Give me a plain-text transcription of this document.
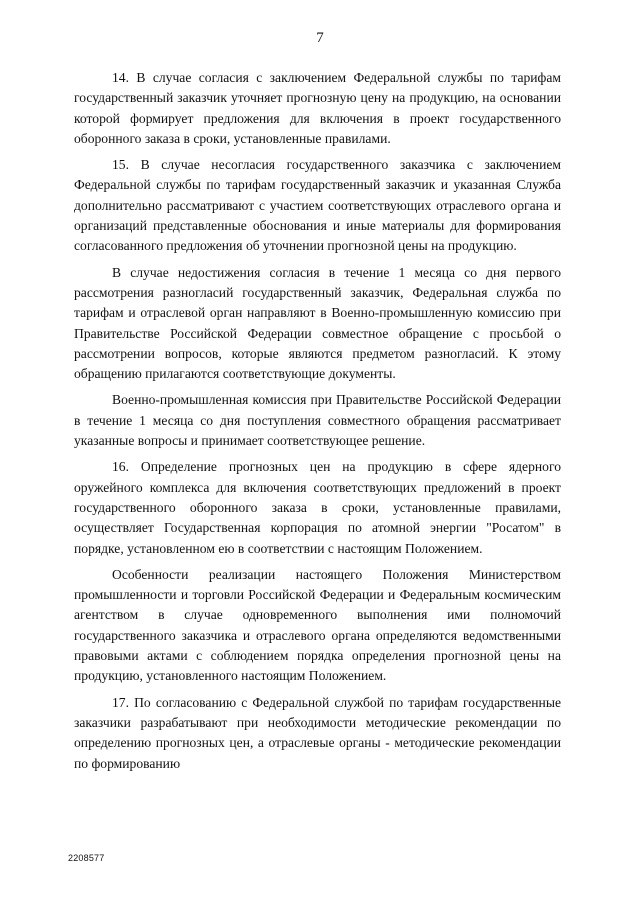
7

14. В случае согласия с заключением Федеральной службы по тарифам государственный заказчик уточняет прогнозную цену на продукцию, на основании которой формирует предложения для включения в проект государственного оборонного заказа в сроки, установленные правилами.

15. В случае несогласия государственного заказчика с заключением Федеральной службы по тарифам государственный заказчик и указанная Служба дополнительно рассматривают с участием соответствующих отраслевого органа и организаций представленные обоснования и иные материалы для формирования согласованного предложения об уточнении прогнозной цены на продукцию.

В случае недостижения согласия в течение 1 месяца со дня первого рассмотрения разногласий государственный заказчик, Федеральная служба по тарифам и отраслевой орган направляют в Военно-промышленную комиссию при Правительстве Российской Федерации совместное обращение с просьбой о рассмотрении вопросов, которые являются предметом разногласий. К этому обращению прилагаются соответствующие документы.

Военно-промышленная комиссия при Правительстве Российской Федерации в течение 1 месяца со дня поступления совместного обращения рассматривает указанные вопросы и принимает соответствующее решение.

16. Определение прогнозных цен на продукцию в сфере ядерного оружейного комплекса для включения соответствующих предложений в проект государственного оборонного заказа в сроки, установленные правилами, осуществляет Государственная корпорация по атомной энергии "Росатом" в порядке, установленном ею в соответствии с настоящим Положением.

Особенности реализации настоящего Положения Министерством промышленности и торговли Российской Федерации и Федеральным космическим агентством в случае одновременного выполнения ими полномочий государственного заказчика и отраслевого органа определяются ведомственными правовыми актами с соблюдением порядка определения прогнозной цены на продукцию, установленного настоящим Положением.

17. По согласованию с Федеральной службой по тарифам государственные заказчики разрабатывают при необходимости методические рекомендации по определению прогнозных цен, а отраслевые органы - методические рекомендации по формированию

2208577
